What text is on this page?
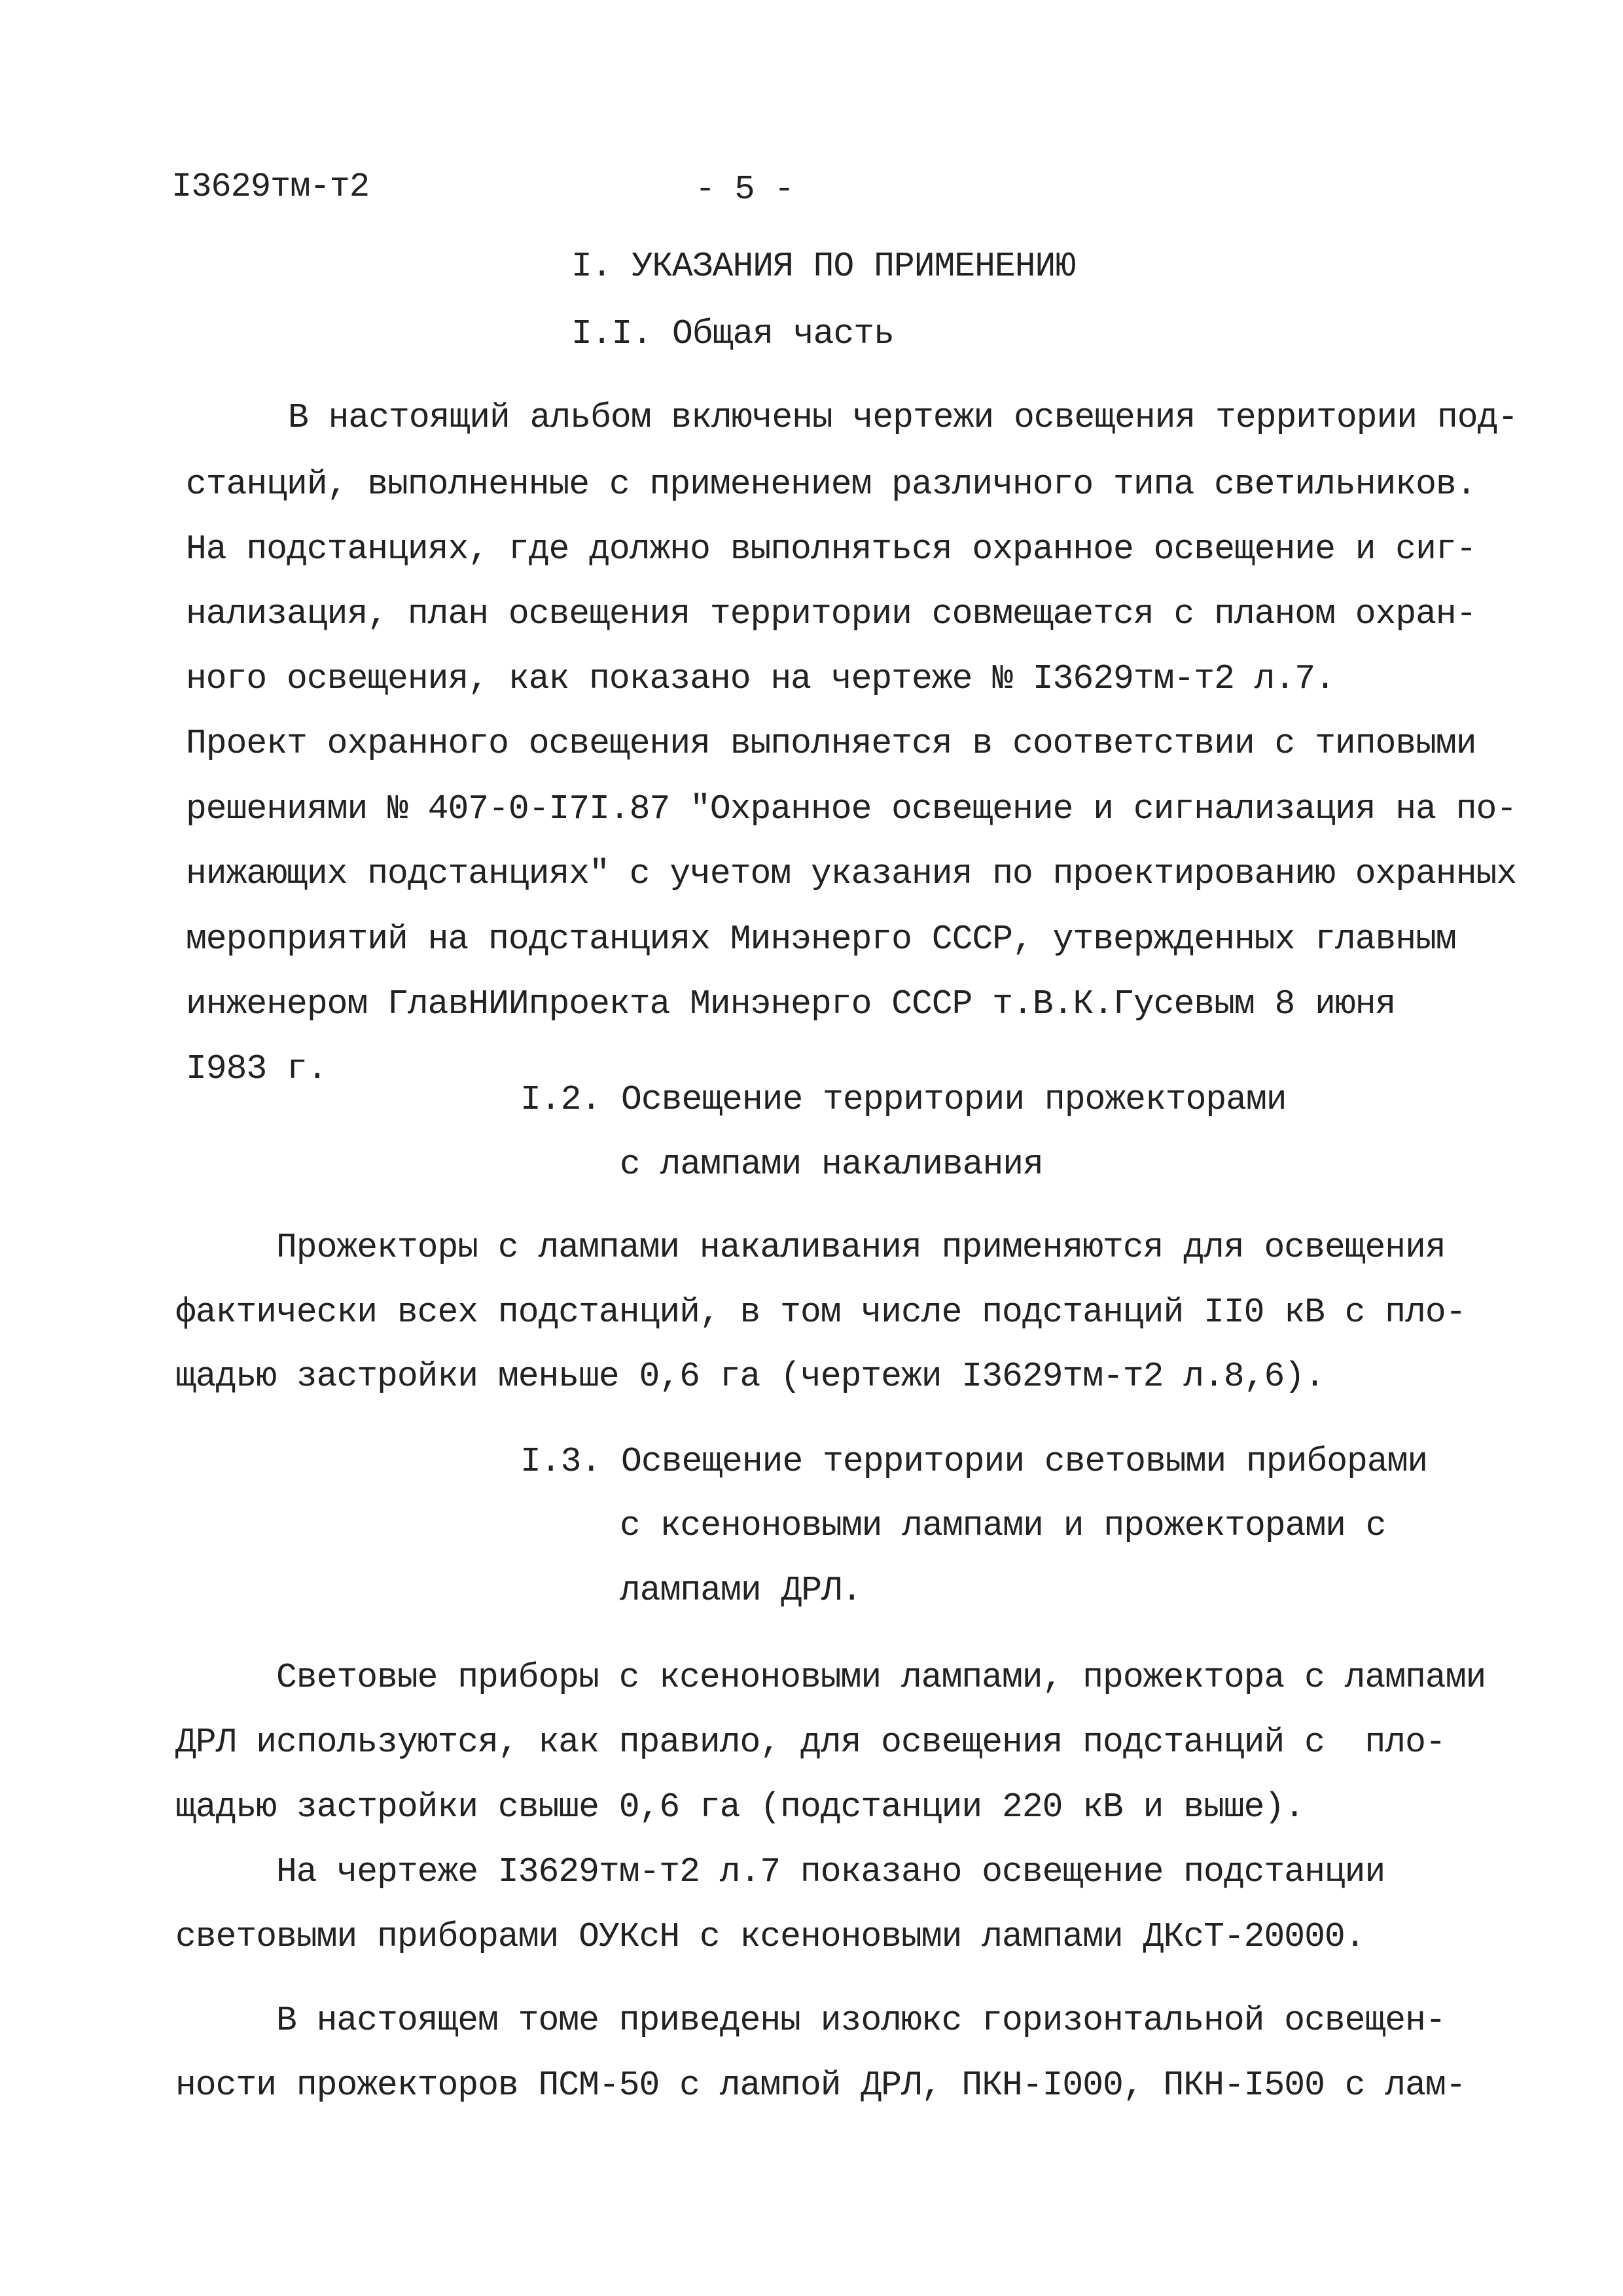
I3629тм-т2	- 5 -
I. УКАЗАНИЯ ПО ПРИМЕНЕНИЮ
I.I. Общая часть
В настоящий альбом включены чертежи освещения территории под-
станций, выполненные с применением различного типа светильников.
На подстанциях, где должно выполняться охранное освещение и сиг-
нализация, план освещения территории совмещается с планом охран-
ного освещения, как показано на чертеже № I3629тм-т2 л.7.
Проект охранного освещения выполняется в соответствии с типовыми
решениями № 407-0-I7I.87 "Охранное освещение и сигнализация на по-
нижающих подстанциях" с учетом указания по проектированию охранных
мероприятий на подстанциях Минэнерго СССР, утвержденных главным
инженером ГлавНИИпроекта Минэнерго СССР т.В.К.Гусевым 8 июня
I983 г.
I.2. Освещение территории прожекторами
с лампами накаливания
Прожекторы с лампами накаливания применяются для освещения
фактически всех подстанций, в том числе подстанций II0 кВ с пло-
щадью застройки меньше 0,6 га (чертежи I3629тм-т2 л.8,6).
I.3. Освещение территории световыми приборами
с ксеноновыми лампами и прожекторами с
лампами ДРЛ.
Световые приборы с ксеноновыми лампами, прожектора с лампами
ДРЛ используются, как правило, для освещения подстанций с  пло-
щадью застройки свыше 0,6 га (подстанции 220 кВ и выше).
На чертеже I3629тм-т2 л.7 показано освещение подстанции
световыми приборами ОУКсН с ксеноновыми лампами ДКсТ-20000.
В настоящем томе приведены изолюкс горизонтальной освещен-
ности прожекторов ПСМ-50 с лампой ДРЛ, ПКН-I000, ПКН-I500 с лам-
